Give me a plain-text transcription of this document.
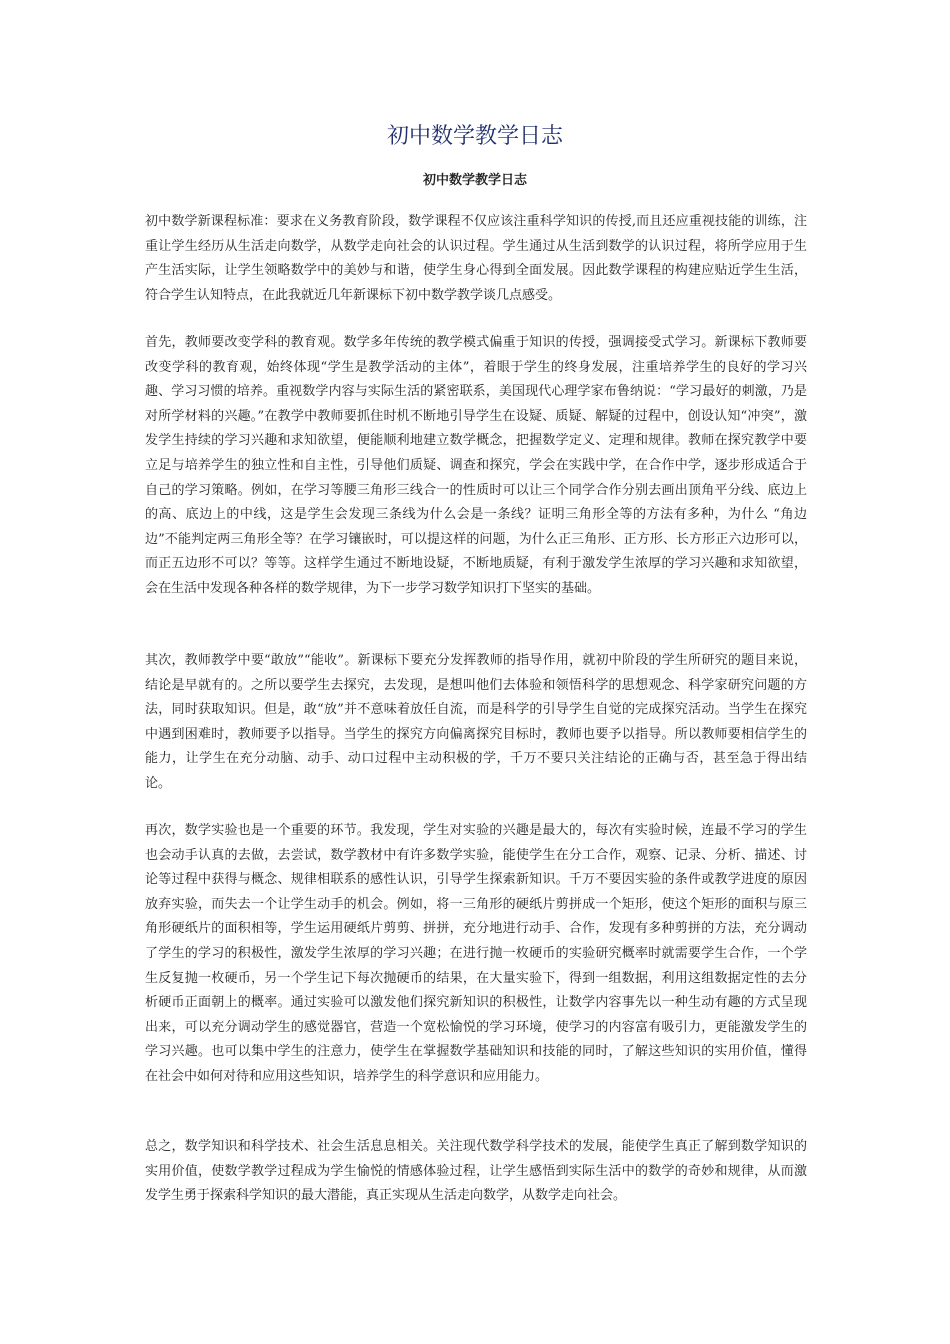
初中数学教学日志
初中数学教学日志

初中数学新课程标准：要求在义务教育阶段，数学课程不仅应该注重科学知识的传授,而且还应重视技能的训练，注重让学生经历从生活走向数学，从数学走向社会的认识过程。学生通过从生活到数学的认识过程，将所学应用于生产生活实际，让学生领略数学中的美妙与和谐，使学生身心得到全面发展。因此数学课程的构建应贴近学生生活，符合学生认知特点，在此我就近几年新课标下初中数学教学谈几点感受。

首先，教师要改变学科的教育观。数学多年传统的教学模式偏重于知识的传授，强调接受式学习。新课标下教师要改变学科的教育观，始终体现“学生是教学活动的主体”，着眼于学生的终身发展，注重培养学生的良好的学习兴趣、学习习惯的培养。重视数学内容与实际生活的紧密联系，美国现代心理学家布鲁纳说：“学习最好的刺激，乃是对所学材料的兴趣。”在教学中教师要抓住时机不断地引导学生在设疑、质疑、解疑的过程中，创设认知“冲突”，激发学生持续的学习兴趣和求知欲望，便能顺利地建立数学概念，把握数学定义、定理和规律。教师在探究教学中要立足与培养学生的独立性和自主性，引导他们质疑、调查和探究，学会在实践中学，在合作中学，逐步形成适合于自己的学习策略。例如，在学习等腰三角形三线合一的性质时可以让三个同学合作分别去画出顶角平分线、底边上的高、底边上的中线，这是学生会发现三条线为什么会是一条线？证明三角形全等的方法有多种，为什么 “角边边”不能判定两三角形全等？在学习镶嵌时，可以提这样的问题，为什么正三角形、正方形、长方形正六边形可以，而正五边形不可以？等等。这样学生通过不断地设疑，不断地质疑，有利于激发学生浓厚的学习兴趣和求知欲望，会在生活中发现各种各样的数学规律，为下一步学习数学知识打下坚实的基础。

其次，教师教学中要“敢放”“能收”。新课标下要充分发挥教师的指导作用，就初中阶段的学生所研究的题目来说，结论是早就有的。之所以要学生去探究，去发现，是想叫他们去体验和领悟科学的思想观念、科学家研究问题的方法，同时获取知识。但是，敢“放”并不意味着放任自流，而是科学的引导学生自觉的完成探究活动。当学生在探究中遇到困难时，教师要予以指导。当学生的探究方向偏离探究目标时，教师也要予以指导。所以教师要相信学生的能力，让学生在充分动脑、动手、动口过程中主动积极的学，千万不要只关注结论的正确与否，甚至急于得出结论。

再次，数学实验也是一个重要的环节。我发现，学生对实验的兴趣是最大的，每次有实验时候，连最不学习的学生也会动手认真的去做，去尝试，数学教材中有许多数学实验，能使学生在分工合作，观察、记录、分析、描述、讨论等过程中获得与概念、规律相联系的感性认识，引导学生探索新知识。千万不要因实验的条件或教学进度的原因放弃实验，而失去一个让学生动手的机会。例如，将一三角形的硬纸片剪拼成一个矩形，使这个矩形的面积与原三角形硬纸片的面积相等，学生运用硬纸片剪剪、拼拼，充分地进行动手、合作，发现有多种剪拼的方法，充分调动了学生的学习的积极性，激发学生浓厚的学习兴趣；在进行抛一枚硬币的实验研究概率时就需要学生合作，一个学生反复抛一枚硬币，另一个学生记下每次抛硬币的结果，在大量实验下，得到一组数据，利用这组数据定性的去分析硬币正面朝上的概率。通过实验可以激发他们探究新知识的积极性，让数学内容事先以一种生动有趣的方式呈现出来，可以充分调动学生的感觉器官，营造一个宽松愉悦的学习环境，使学习的内容富有吸引力，更能激发学生的学习兴趣。也可以集中学生的注意力，使学生在掌握数学基础知识和技能的同时，了解这些知识的实用价值，懂得在社会中如何对待和应用这些知识，培养学生的科学意识和应用能力。

总之，数学知识和科学技术、社会生活息息相关。关注现代数学科学技术的发展，能使学生真正了解到数学知识的实用价值，使数学教学过程成为学生愉悦的情感体验过程，让学生感悟到实际生活中的数学的奇妙和规律，从而激发学生勇于探索科学知识的最大潜能，真正实现从生活走向数学，从数学走向社会。
